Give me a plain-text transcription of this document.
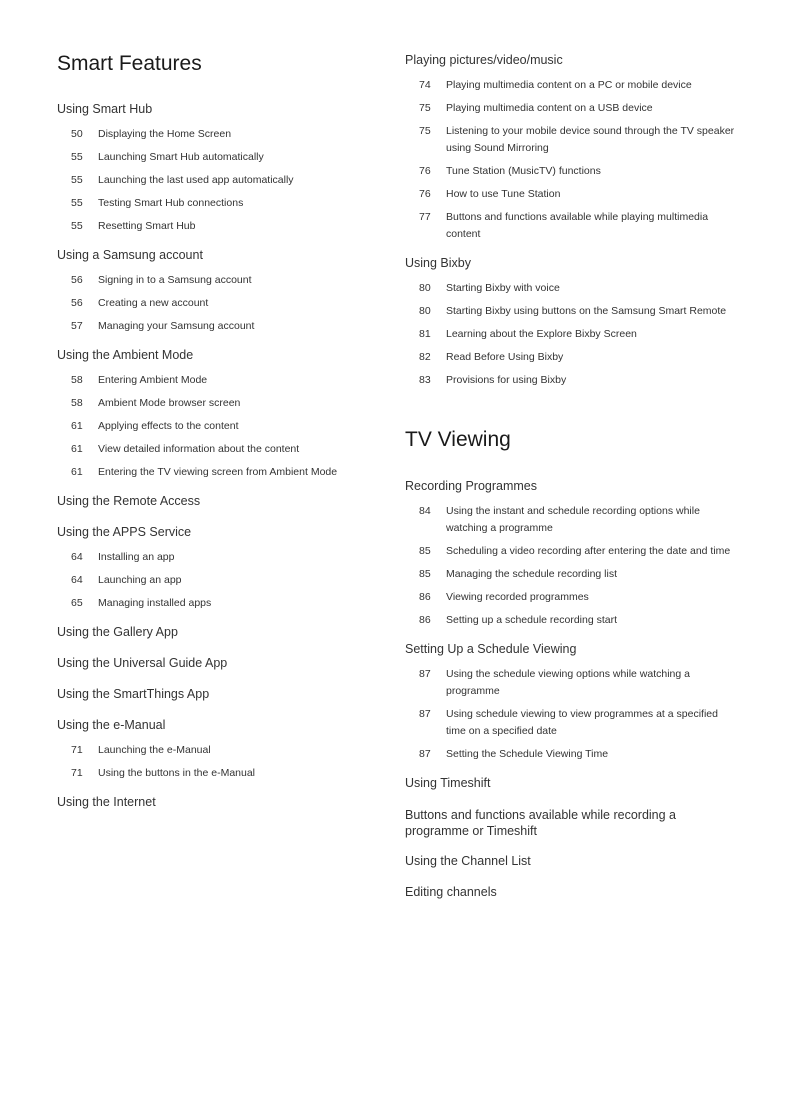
Smart Features
Using Smart Hub
50	Displaying the Home Screen
55	Launching Smart Hub automatically
55	Launching the last used app automatically
55	Testing Smart Hub connections
55	Resetting Smart Hub
Using a Samsung account
56	Signing in to a Samsung account
56	Creating a new account
57	Managing your Samsung account
Using the Ambient Mode
58	Entering Ambient Mode
58	Ambient Mode browser screen
61	Applying effects to the content
61	View detailed information about the content
61	Entering the TV viewing screen from Ambient Mode
Using the Remote Access
Using the APPS Service
64	Installing an app
64	Launching an app
65	Managing installed apps
Using the Gallery App
Using the Universal Guide App
Using the SmartThings App
Using the e-Manual
71	Launching the e-Manual
71	Using the buttons in the e-Manual
Using the Internet
Playing pictures/video/music
74	Playing multimedia content on a PC or mobile device
75	Playing multimedia content on a USB device
75	Listening to your mobile device sound through the TV speaker using Sound Mirroring
76	Tune Station (MusicTV) functions
76	How to use Tune Station
77	Buttons and functions available while playing multimedia content
Using Bixby
80	Starting Bixby with voice
80	Starting Bixby using buttons on the Samsung Smart Remote
81	Learning about the Explore Bixby Screen
82	Read Before Using Bixby
83	Provisions for using Bixby
TV Viewing
Recording Programmes
84	Using the instant and schedule recording options while watching a programme
85	Scheduling a video recording after entering the date and time
85	Managing the schedule recording list
86	Viewing recorded programmes
86	Setting up a schedule recording start
Setting Up a Schedule Viewing
87	Using the schedule viewing options while watching a programme
87	Using schedule viewing to view programmes at a specified time on a specified date
87	Setting the Schedule Viewing Time
Using Timeshift
Buttons and functions available while recording a programme or Timeshift
Using the Channel List
Editing channels
